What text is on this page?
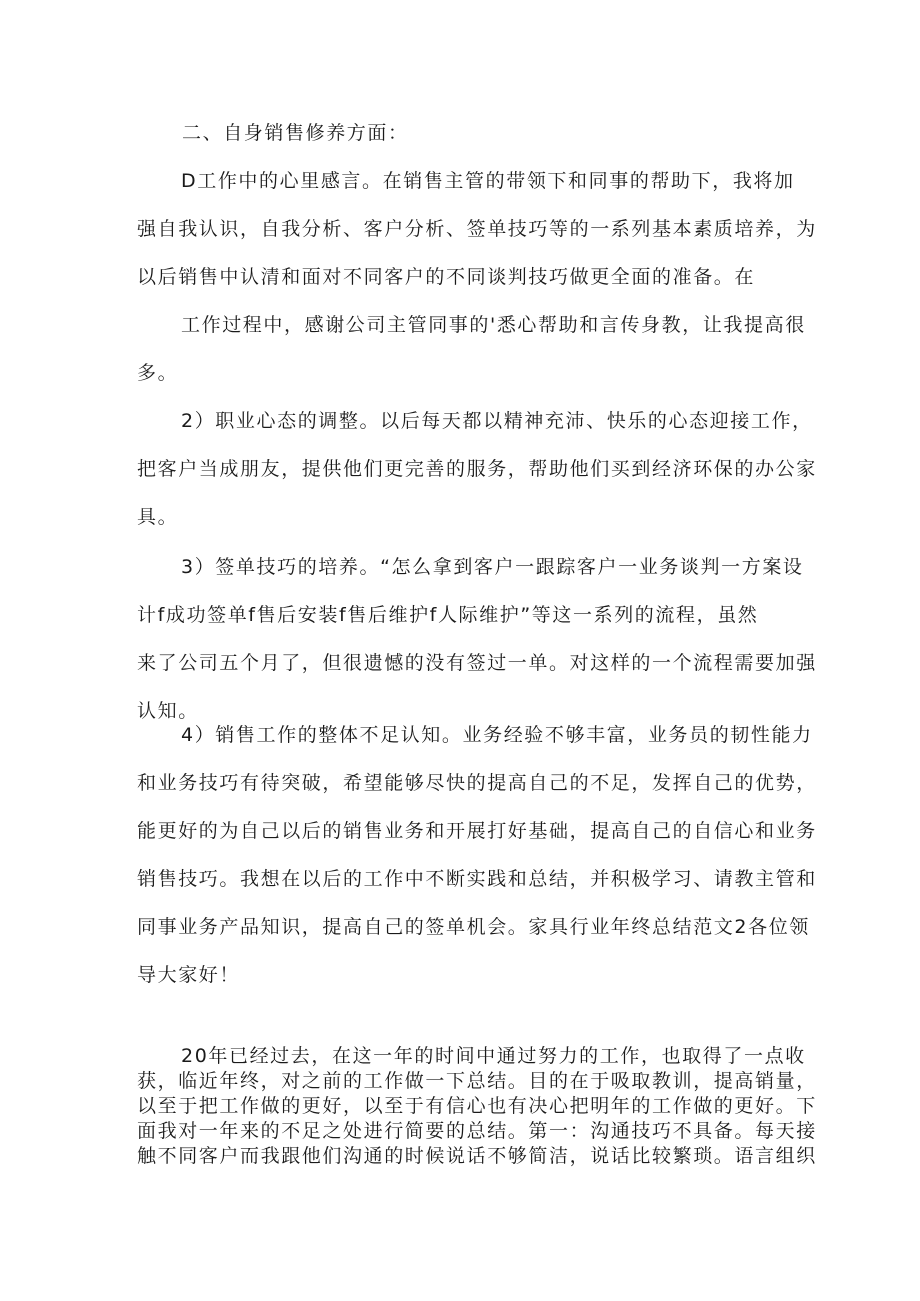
二、自身销售修养方面：

D工作中的心里感言。在销售主管的带领下和同事的帮助下，我将加
强自我认识，自我分析、客户分析、签单技巧等的一系列基本素质培养，为
以后销售中认清和面对不同客户的不同谈判技巧做更全面的准备。在

工作过程中，感谢公司主管同事的'悉心帮助和言传身教，让我提高很
多。

2）职业心态的调整。以后每天都以精神充沛、快乐的心态迎接工作，
把客户当成朋友，提供他们更完善的服务，帮助他们买到经济环保的办公家
具。

3）签单技巧的培养。“怎么拿到客户一跟踪客户一业务谈判一方案设
计f成功签单f售后安装f售后维护f人际维护”等这一系列的流程，虽然
来了公司五个月了，但很遗憾的没有签过一单。对这样的一个流程需要加强
认知。

4）销售工作的整体不足认知。业务经验不够丰富，业务员的韧性能力
和业务技巧有待突破，希望能够尽快的提高自己的不足，发挥自己的优势，
能更好的为自己以后的销售业务和开展打好基础，提高自己的自信心和业务
销售技巧。我想在以后的工作中不断实践和总结，并积极学习、请教主管和
同事业务产品知识，提高自己的签单机会。家具行业年终总结范文2各位领
导大家好！

20年已经过去，在这一年的时间中通过努力的工作，也取得了一点收
获，临近年终，对之前的工作做一下总结。目的在于吸取教训，提高销量，
以至于把工作做的更好，以至于有信心也有决心把明年的工作做的更好。下
面我对一年来的不足之处进行简要的总结。第一：沟通技巧不具备。每天接
触不同客户而我跟他们沟通的时候说话不够简洁，说话比较繁琐。语言组织
